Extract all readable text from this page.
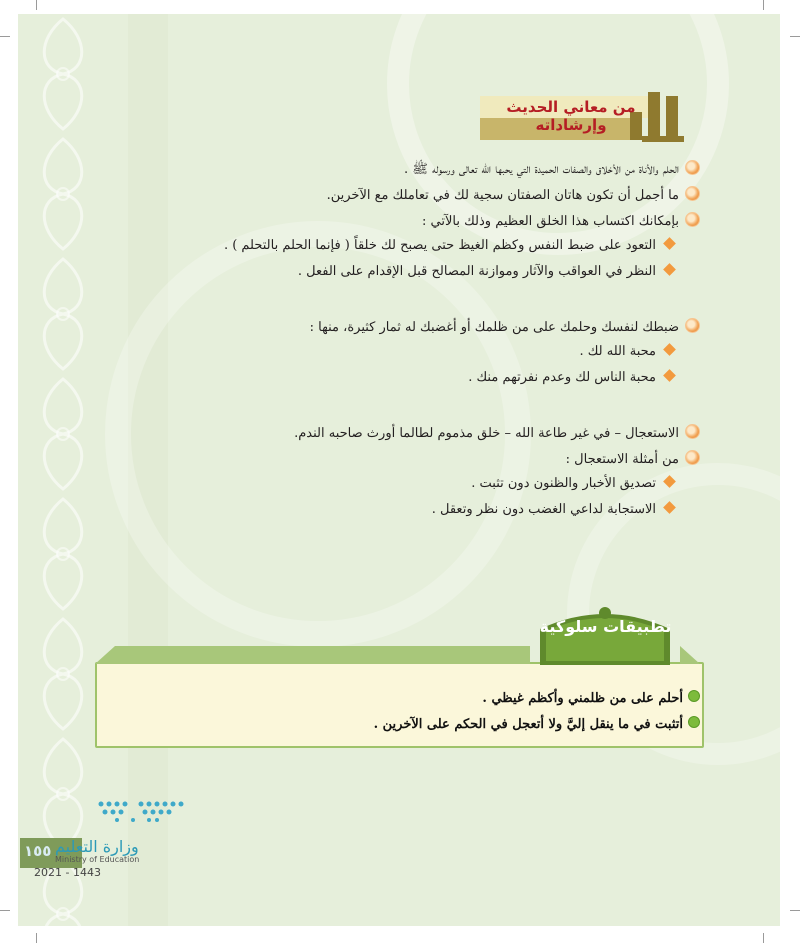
من معاني الحديث
وإرشاداته
الحلم والأناة من الأخلاق والصفات الحميدة التي يحبها الله تعالى ورسوله ﷺ .
ما أجمل أن تكون هاتان الصفتان سجية لك في تعاملك مع الآخرين.
بإمكانك اكتساب هذا الخلق العظيم وذلك بالآتي :
التعود على ضبط النفس وكظم الغيظ حتى يصبح لك خلقاً ( فإنما الحلم بالتحلم ) .
النظر في العواقب والآثار وموازنة المصالح قبل الإقدام على الفعل .
ضبطك لنفسك وحلمك على من ظلمك أو أغضبك له ثمار كثيرة، منها :
محبة الله لك .
محبة الناس لك وعدم نفرتهم منك .
الاستعجال – في غير طاعة الله – خلق مذموم لطالما أورث صاحبه الندم.
من أمثلة الاستعجال :
تصديق الأخبار والظنون دون تثبت .
الاستجابة لداعي الغضب دون نظر وتعقل .
تطبيقات سلوكية
أحلم على من ظلمني وأكظم غيظي .
أتثبت في ما ينقل إليَّ ولا أتعجل في الحكم على الآخرين .
١٥٥ وزارة التعليم
Ministry of Education
2021 - 1443
